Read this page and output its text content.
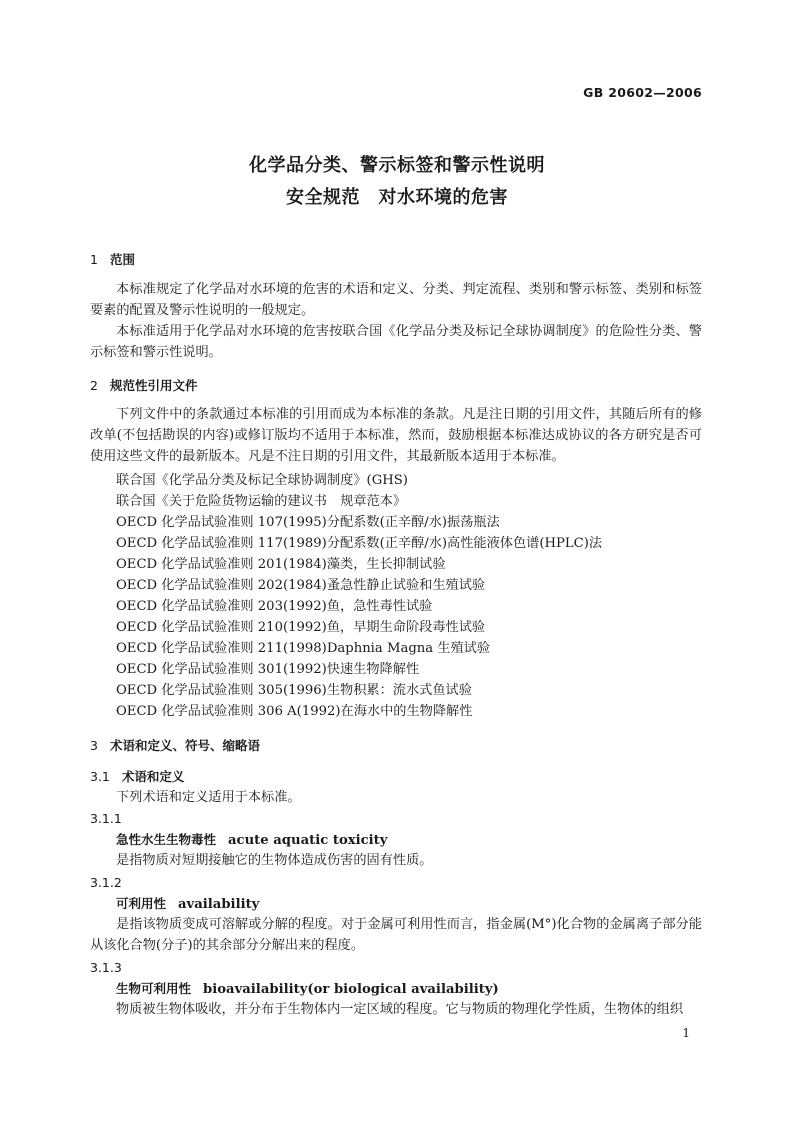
GB 20602—2006
化学品分类、警示标签和警示性说明
安全规范　对水环境的危害
1 范围
本标准规定了化学品对水环境的危害的术语和定义、分类、判定流程、类别和警示标签、类别和标签要素的配置及警示性说明的一般规定。
本标准适用于化学品对水环境的危害按联合国《化学品分类及标记全球协调制度》的危险性分类、警示标签和警示性说明。
2 规范性引用文件
下列文件中的条款通过本标准的引用而成为本标准的条款。凡是注日期的引用文件，其随后所有的修改单(不包括勘误的内容)或修订版均不适用于本标准，然而，鼓励根据本标准达成协议的各方研究是否可使用这些文件的最新版本。凡是不注日期的引用文件，其最新版本适用于本标准。
联合国《化学品分类及标记全球协调制度》(GHS)
联合国《关于危险货物运输的建议书　规章范本》
OECD 化学品试验准则 107(1995)分配系数(正辛醇/水)振荡瓶法
OECD 化学品试验准则 117(1989)分配系数(正辛醇/水)高性能液体色谱(HPLC)法
OECD 化学品试验准则 201(1984)藻类，生长抑制试验
OECD 化学品试验准则 202(1984)蚤急性静止试验和生殖试验
OECD 化学品试验准则 203(1992)鱼，急性毒性试验
OECD 化学品试验准则 210(1992)鱼，早期生命阶段毒性试验
OECD 化学品试验准则 211(1998)Daphnia Magna 生殖试验
OECD 化学品试验准则 301(1992)快速生物降解性
OECD 化学品试验准则 305(1996)生物积累：流水式鱼试验
OECD 化学品试验准则 306 A(1992)在海水中的生物降解性
3 术语和定义、符号、缩略语
3.1 术语和定义
下列术语和定义适用于本标准。
3.1.1
急性水生生物毒性 acute aquatic toxicity
是指物质对短期接触它的生物体造成伤害的固有性质。
3.1.2
可利用性 availability
是指该物质变成可溶解或分解的程度。对于金属可利用性而言，指金属(M°)化合物的金属离子部分能从该化合物(分子)的其余部分分解出来的程度。
3.1.3
生物可利用性 bioavailability(or biological availability)
物质被生物体吸收，并分布于生物体内一定区域的程度。它与物质的物理化学性质，生物体的组织
1
